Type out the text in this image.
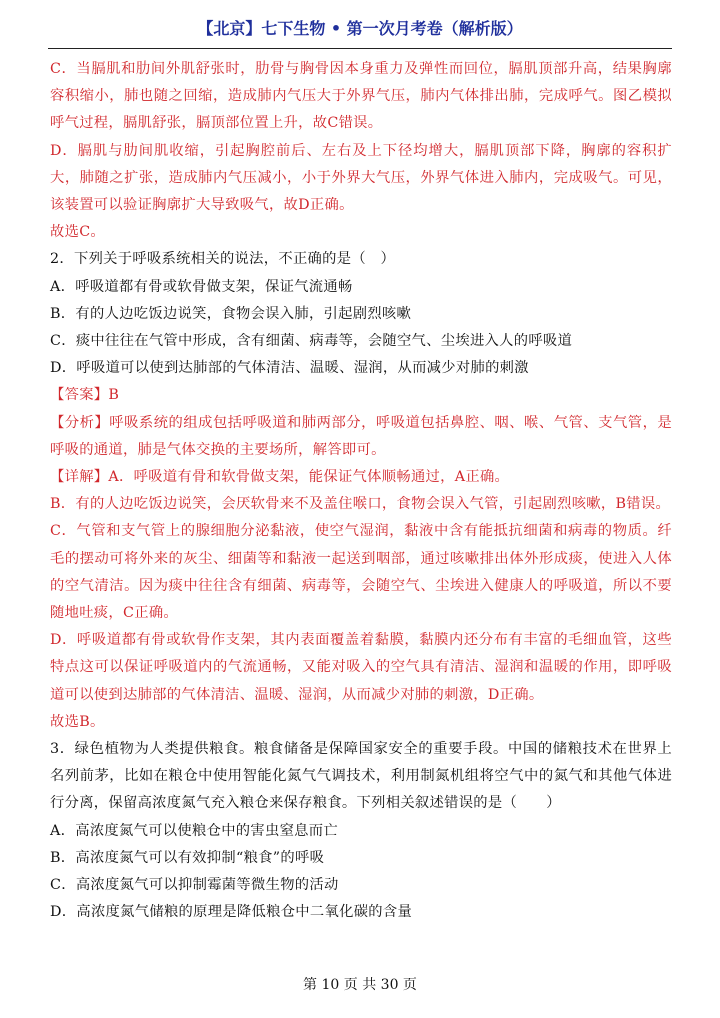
【北京】七下生物 • 第一次月考卷（解析版）

C．当膈肌和肋间外肌舒张时，肋骨与胸骨因本身重力及弹性而回位，膈肌顶部升高，结果胸廓容积缩小，肺也随之回缩，造成肺内气压大于外界气压，肺内气体排出肺，完成呼气。图乙模拟呼气过程，膈肌舒张，膈顶部位置上升，故C错误。

D．膈肌与肋间肌收缩，引起胸腔前后、左右及上下径均增大，膈肌顶部下降，胸廓的容积扩大，肺随之扩张，造成肺内气压减小，小于外界大气压，外界气体进入肺内，完成吸气。可见，该装置可以验证胸廓扩大导致吸气，故D正确。

故选C。

2．下列关于呼吸系统相关的说法，不正确的是（　）

A．呼吸道都有骨或软骨做支架，保证气流通畅

B．有的人边吃饭边说笑，食物会误入肺，引起剧烈咳嗽

C．痰中往往在气管中形成，含有细菌、病毒等，会随空气、尘埃进入人的呼吸道

D．呼吸道可以使到达肺部的气体清洁、温暖、湿润，从而减少对肺的刺激

【答案】B

【分析】呼吸系统的组成包括呼吸道和肺两部分，呼吸道包括鼻腔、咽、喉、气管、支气管，是呼吸的通道，肺是气体交换的主要场所，解答即可。

【详解】A．呼吸道有骨和软骨做支架，能保证气体顺畅通过，A正确。

B．有的人边吃饭边说笑，会厌软骨来不及盖住喉口，食物会误入气管，引起剧烈咳嗽，B错误。

C．气管和支气管上的腺细胞分泌黏液，使空气湿润，黏液中含有能抵抗细菌和病毒的物质。纤毛的摆动可将外来的灰尘、细菌等和黏液一起送到咽部，通过咳嗽排出体外形成痰，使进入人体的空气清洁。因为痰中往往含有细菌、病毒等，会随空气、尘埃进入健康人的呼吸道，所以不要随地吐痰，C正确。

D．呼吸道都有骨或软骨作支架，其内表面覆盖着黏膜，黏膜内还分布有丰富的毛细血管，这些特点这可以保证呼吸道内的气流通畅，又能对吸入的空气具有清洁、湿润和温暖的作用，即呼吸道可以使到达肺部的气体清洁、温暖、湿润，从而减少对肺的刺激，D正确。

故选B。

3．绿色植物为人类提供粮食。粮食储备是保障国家安全的重要手段。中国的储粮技术在世界上名列前茅，比如在粮仓中使用智能化氮气气调技术，利用制氮机组将空气中的氮气和其他气体进行分离，保留高浓度氮气充入粮仓来保存粮食。下列相关叙述错误的是（　　）

A．高浓度氮气可以使粮仓中的害虫窒息而亡

B．高浓度氮气可以有效抑制“粮食”的呼吸

C．高浓度氮气可以抑制霉菌等微生物的活动

D．高浓度氮气储粮的原理是降低粮仓中二氧化碳的含量

第 10 页 共 30 页
